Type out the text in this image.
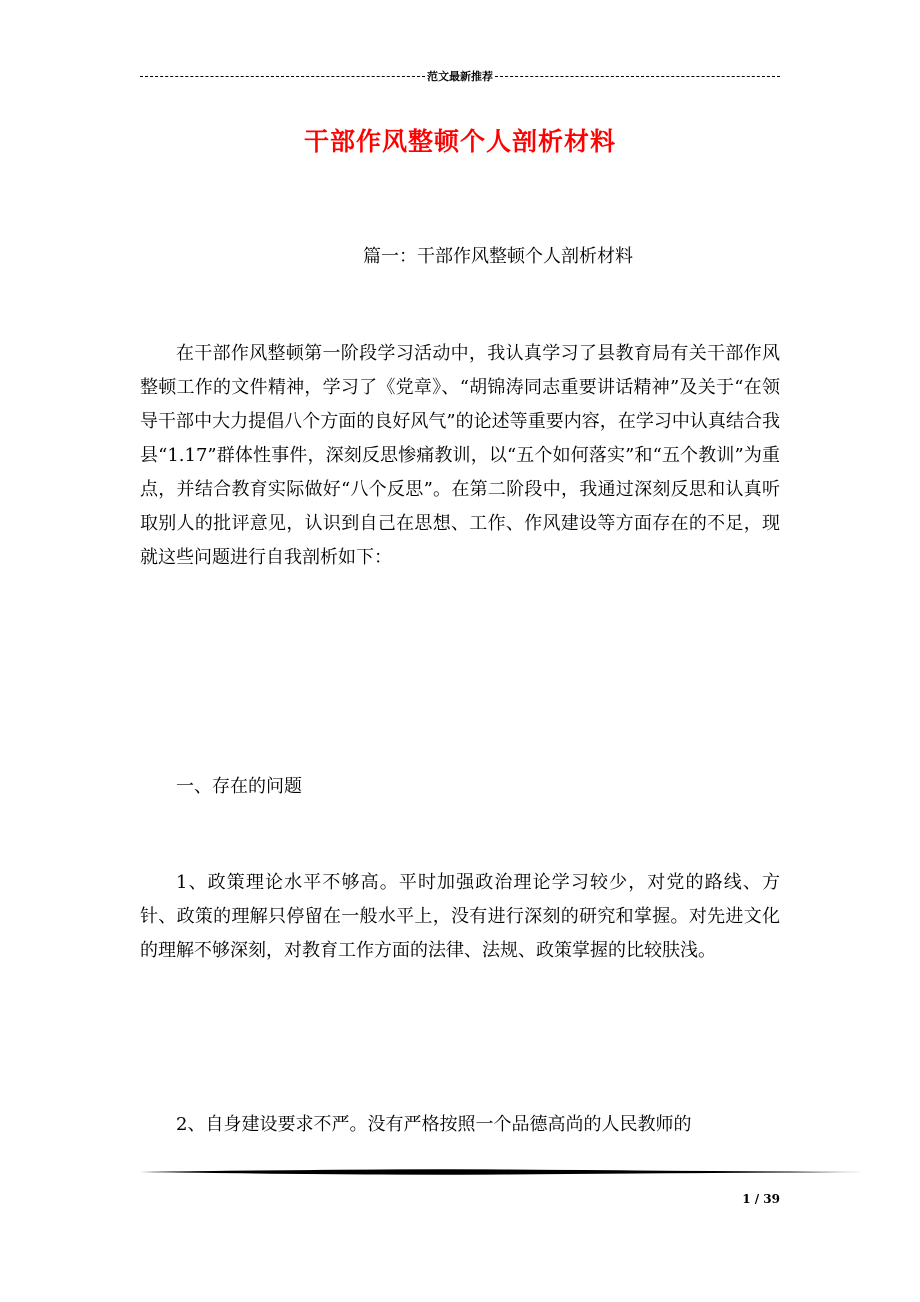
范文最新推荐
干部作风整顿个人剖析材料
篇一：干部作风整顿个人剖析材料

在干部作风整顿第一阶段学习活动中，我认真学习了县教育局有关干部作风整顿工作的文件精神，学习了《党章》、“胡锦涛同志重要讲话精神”及关于“在领导干部中大力提倡八个方面的良好风气”的论述等重要内容，在学习中认真结合我县“1.17”群体性事件，深刻反思惨痛教训，以“五个如何落实”和“五个教训”为重点，并结合教育实际做好“八个反思”。在第二阶段中，我通过深刻反思和认真听取别人的批评意见，认识到自己在思想、工作、作风建设等方面存在的不足，现就这些问题进行自我剖析如下：

一、存在的问题

1、政策理论水平不够高。平时加强政治理论学习较少，对党的路线、方针、政策的理解只停留在一般水平上，没有进行深刻的研究和掌握。对先进文化的理解不够深刻，对教育工作方面的法律、法规、政策掌握的比较肤浅。

2、自身建设要求不严。没有严格按照一个品德高尚的人民教师的

1 / 39
